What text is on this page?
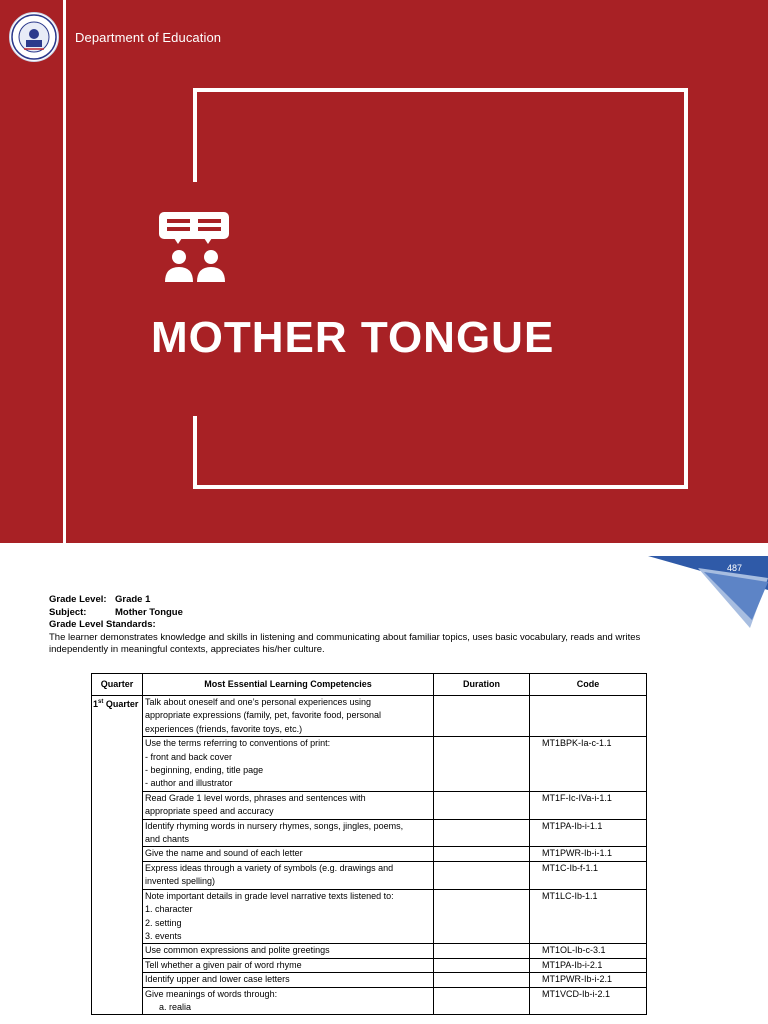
Department of Education
MOTHER TONGUE
487
Grade Level: Grade 1
Subject:	Mother Tongue
Grade Level Standards:
The learner demonstrates knowledge and skills in listening and communicating about familiar topics, uses basic vocabulary, reads and writes
independently in meaningful contexts, appreciates his/her culture.
Quarter	Most Essential Learning Competencies	Duration	Code
1st Quarter	Talk about oneself and one’s personal experiences using
appropriate expressions (family, pet, favorite food, personal
experiences (friends, favorite toys, etc.)		

	Use the terms referring to conventions of print:
- front and back cover
- beginning, ending, title page
- author and illustrator		MT1BPK-Ia-c-1.1

	Read Grade 1 level words, phrases and sentences with
appropriate speed and accuracy		MT1F-Ic-IVa-i-1.1

	Identify rhyming words in nursery rhymes, songs, jingles, poems,
and chants		MT1PA-Ib-i-1.1

	Give the name and sound of each letter		MT1PWR-Ib-i-1.1

	Express ideas through a variety of symbols (e.g. drawings and
invented spelling)		MT1C-Ib-f-1.1

	Note important details in grade level narrative texts listened to:
1. character
2. setting
3. events		MT1LC-Ib-1.1

	Use common expressions and polite greetings		MT1OL-Ib-c-3.1

	Tell whether a given pair of word rhyme		MT1PA-Ib-i-2.1

	Identify upper and lower case letters		MT1PWR-Ib-i-2.1

	Give meanings of words through:
a. realia		MT1VCD-Ib-i-2.1
